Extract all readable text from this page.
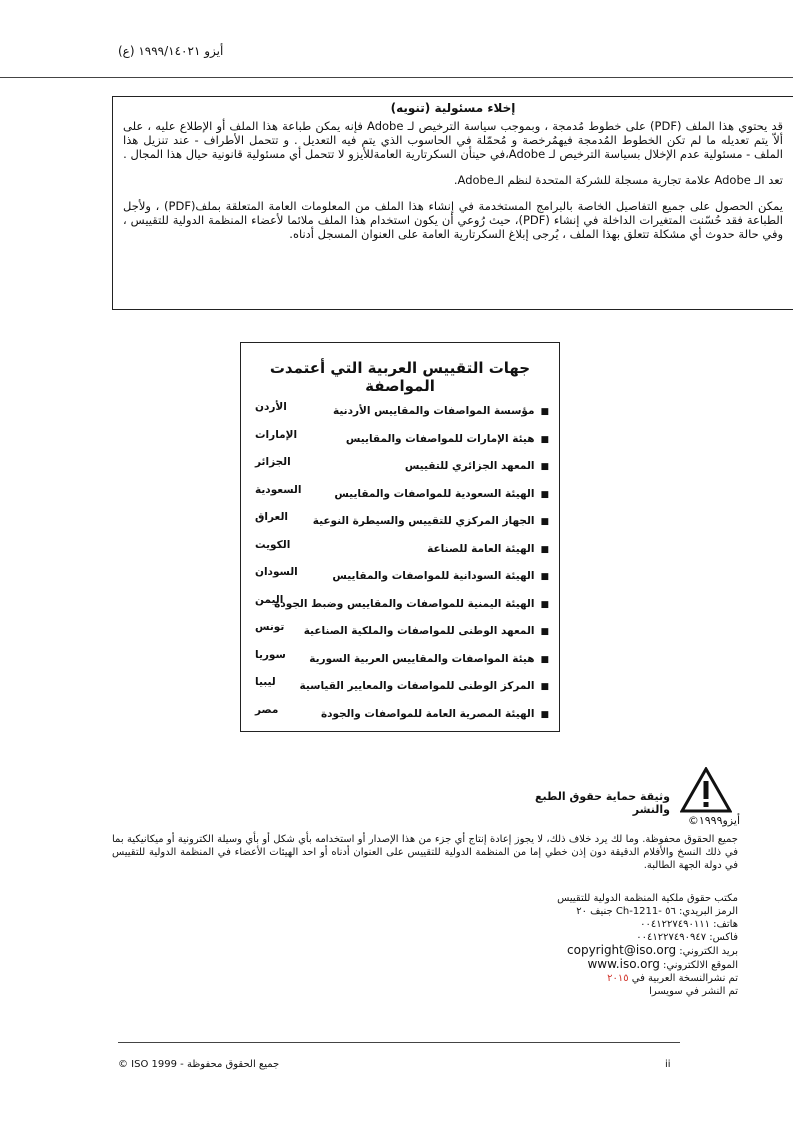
أيزو ١٩٩٩/١٤٠٢١ (ع)
إخلاء مسئولية (تنويه)

قد يحتوي هذا الملف (PDF) على خطوط مُدمجة ، وبموجب سياسة الترخيص لـ Adobe فإنه يمكن طباعة هذا الملف أو الإطلاع عليه ، على ألاّ يتم تعديله ما لم تكن الخطوط المُدمجة فيهمُرخصة و مُحمّلة في الحاسوب الذي يتم فيه التعديل . و تتحمل الأطراف - عند تنزيل هذا الملف - مسئولية عدم الإخلال بسياسة الترخيص لـ Adobe،في حينأن السكرتارية العامةللأيزو لا تتحمل أي مسئولية قانونية حيال هذا المجال .

تعد الـ Adobe علامة تجارية مسجلة للشركة المتحدة لنظم الـAdobe.

يمكن الحصول على جميع التفاصيل الخاصة بالبرامج المستخدمة في إنشاء هذا الملف من المعلومات العامة المتعلقة بملف(PDF) ، ولأجل الطباعة فقد حُسّنت المتغيرات الداخلة في إنشاء (PDF)، حيث رُوعي أن يكون استخدام هذا الملف ملائما لأعضاء المنظمة الدولية للتقييس ، وفي حالة حدوث أي مشكلة تتعلق بهذا الملف ، يُرجى إبلاغ السكرتارية العامة على العنوان المسجل أدناه.

جهات التقييس العربية التي أعتمدت المواصفة
■مؤسسة المواصفات والمقاييس الأردنية
الأردن
■هيئة الإمارات للمواصفات والمقاييس
الإمارات
■المعهد الجزائري للتقييس
الجزائر
■الهيئة السعودية للمواصفات والمقاييس
السعودية
■الجهاز المركزي للتقييس والسيطرة النوعية
العراق
■الهيئة العامة للصناعة
الكويت
■الهيئة السودانية للمواصفات والمقاييس
السودان
■الهيئة اليمنية للمواصفات والمقاييس وضبط الجودة
اليمن
■المعهد الوطنى للمواصفات والملكية الصناعية
تونس
■هيئة المواصفات والمقاييس العربية السورية
سوريا
■المركز الوطنى للمواصفات والمعايير القياسية
ليبيا
■الهيئة المصرية العامة للمواصفات والجودة
مصر
وثيقة حماية حقوق الطبع والنشر
أيزو١٩٩٩©
جميع الحقوق محفوظة. وما لك يرد خلاف ذلك، لا يجوز إعادة إنتاج أي جزء من هذا الإصدار أو استخدامه بأي شكل أو بأي وسيلة الكترونية أو ميكانيكية بما في ذلك النسخ والأفلام الدقيقة دون إذن خطي إما من المنظمة الدولية للتقييس على العنوان أدناه أو احد الهيئات الأعضاء في المنظمة الدولية للتقييس في دولة الجهة الطالبة.
مكتب حقوق ملكية المنظمة الدولية للتقييس
الرمز البريدي: ٥٦ Ch-1211- جنيف ٢٠
هاتف: ٠٠٤١٢٢٧٤٩٠١١١
فاكس: ٠٠٤١٢٢٧٤٩٠٩٤٧
بريد الكتروني: copyright@iso.org
الموقع الالكتروني: www.iso.org
تم نشرالنسخة العربية في ٢٠١٥
تم النشر في سويسرا
© ISO 1999 - جميع الحقوق محفوظة	ii
